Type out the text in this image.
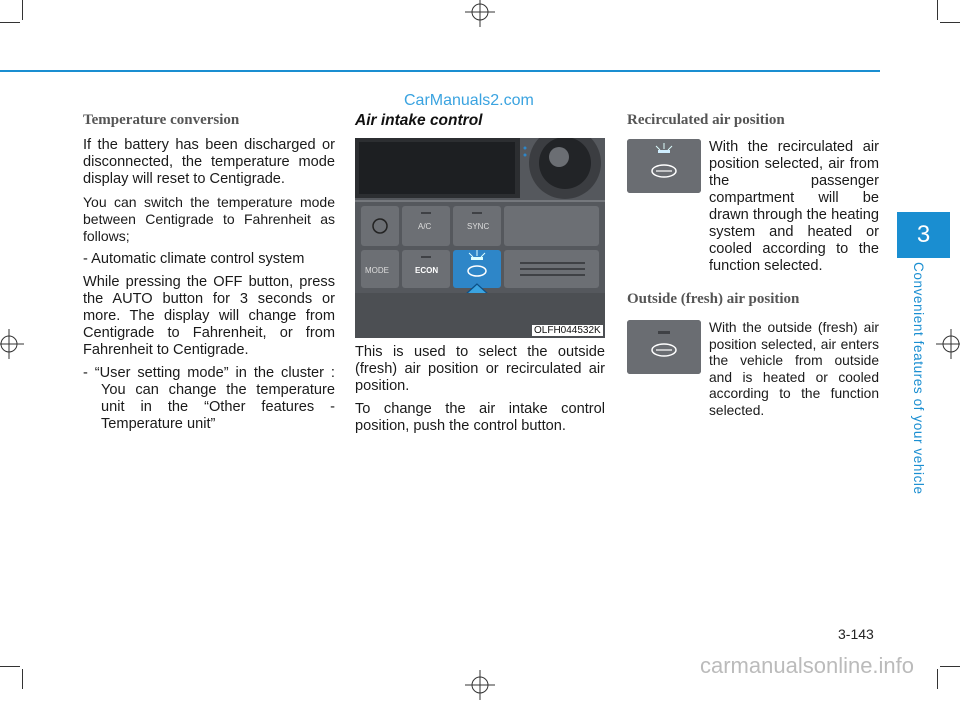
CarManuals2.com
3
Convenient features of your vehicle
Temperature conversion

If the battery has been discharged or disconnected, the temperature mode display will reset to Centigrade.

You can switch the temperature mode between Centigrade to Fahrenheit as follows;

- Automatic climate control system

While pressing the OFF button, press the AUTO button for 3 seconds or more. The display will change from Centigrade to Fahrenheit, or from Fahrenheit to Centigrade.

- “User setting mode” in the cluster : You can change the temperature unit in the “Other features - Temperature unit”

Air intake control
MODE	ECON
A/C	SYNC
OLFH044532K

This is used to select the outside (fresh) air position or recirculated air position.

To change the air intake control position, push the control button.

Recirculated air position

With the recirculated air position selected, air from the passenger compartment will be drawn through the heating system and heated or cooled according to the function selected.

Outside (fresh) air position

With the outside (fresh) air position selected, air enters the vehicle from outside and is heated or cooled according to the function selected.

3-143
carmanualsonline.info
